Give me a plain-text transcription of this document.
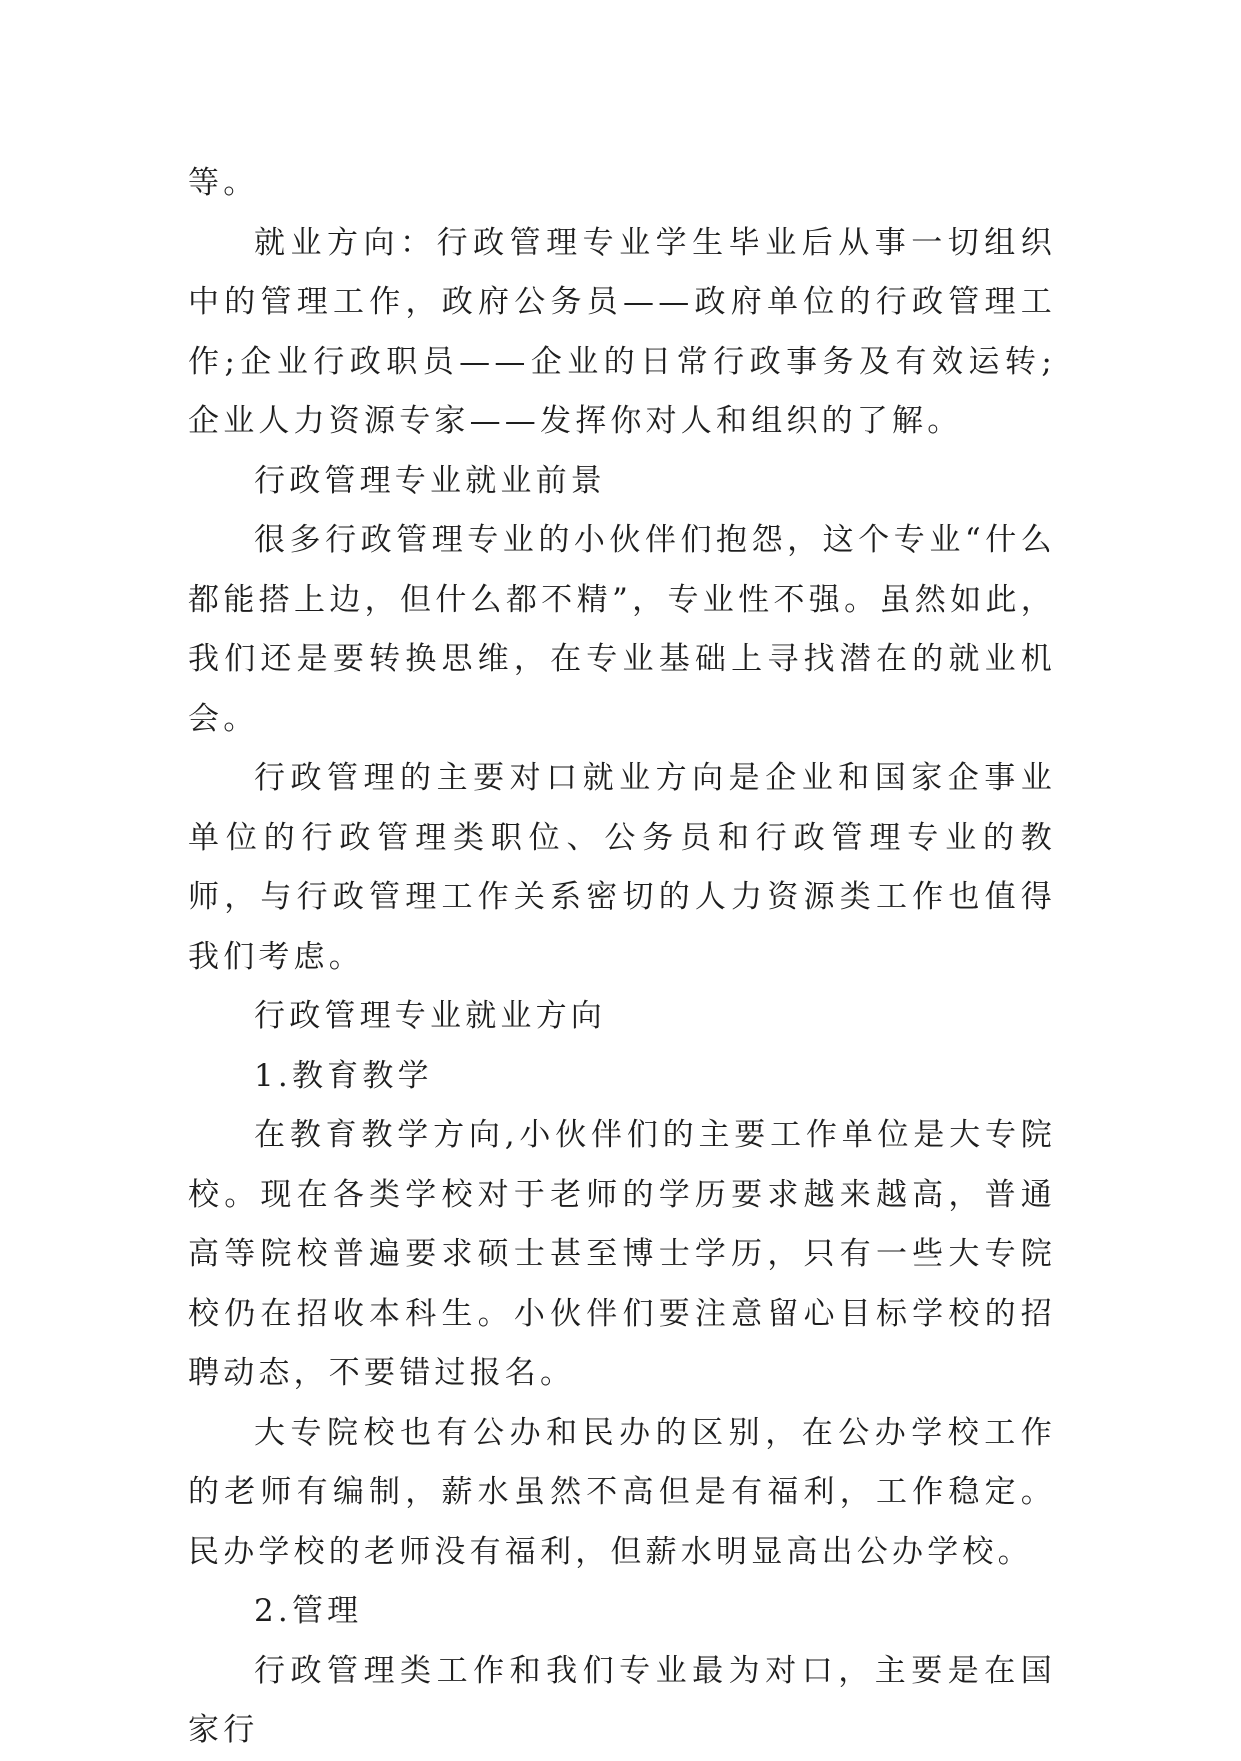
等。

就业方向：行政管理专业学生毕业后从事一切组织中的管理工作，政府公务员——政府单位的行政管理工作;企业行政职员——企业的日常行政事务及有效运转;企业人力资源专家——发挥你对人和组织的了解。

行政管理专业就业前景

很多行政管理专业的小伙伴们抱怨，这个专业“什么都能搭上边，但什么都不精”，专业性不强。虽然如此，我们还是要转换思维，在专业基础上寻找潜在的就业机会。

行政管理的主要对口就业方向是企业和国家企事业单位的行政管理类职位、公务员和行政管理专业的教师，与行政管理工作关系密切的人力资源类工作也值得我们考虑。

行政管理专业就业方向

1.教育教学

在教育教学方向,小伙伴们的主要工作单位是大专院校。现在各类学校对于老师的学历要求越来越高，普通高等院校普遍要求硕士甚至博士学历，只有一些大专院校仍在招收本科生。小伙伴们要注意留心目标学校的招聘动态，不要错过报名。

大专院校也有公办和民办的区别，在公办学校工作的老师有编制，薪水虽然不高但是有福利，工作稳定。民办学校的老师没有福利，但薪水明显高出公办学校。

2.管理

行政管理类工作和我们专业最为对口，主要是在国家行
